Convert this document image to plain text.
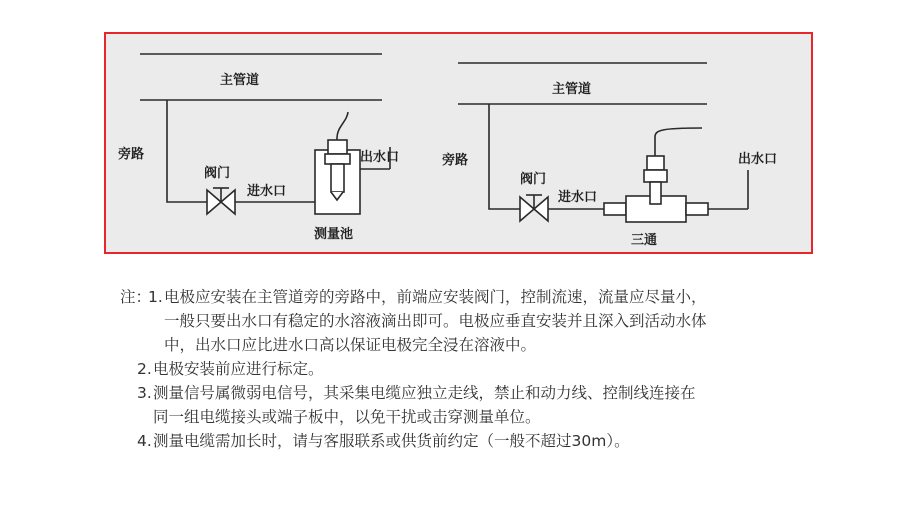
主管道
旁路
阀门
进水口
出水口
测量池
主管道
旁路
阀门
进水口
出水口
三通
注：
1. 电极应安装在主管道旁的旁路中，前端应安装阀门，控制流速，流量应尽量小，
一般只要出水口有稳定的水溶液滴出即可。电极应垂直安装并且深入到活动水体
中，出水口应比进水口高以保证电极完全浸在溶液中。
2. 电极安装前应进行标定。
3. 测量信号属微弱电信号，其采集电缆应独立走线，禁止和动力线、控制线连接在
同一组电缆接头或端子板中，以免干扰或击穿测量单位。
4. 测量电缆需加长时，请与客服联系或供货前约定（一般不超过30m）。
